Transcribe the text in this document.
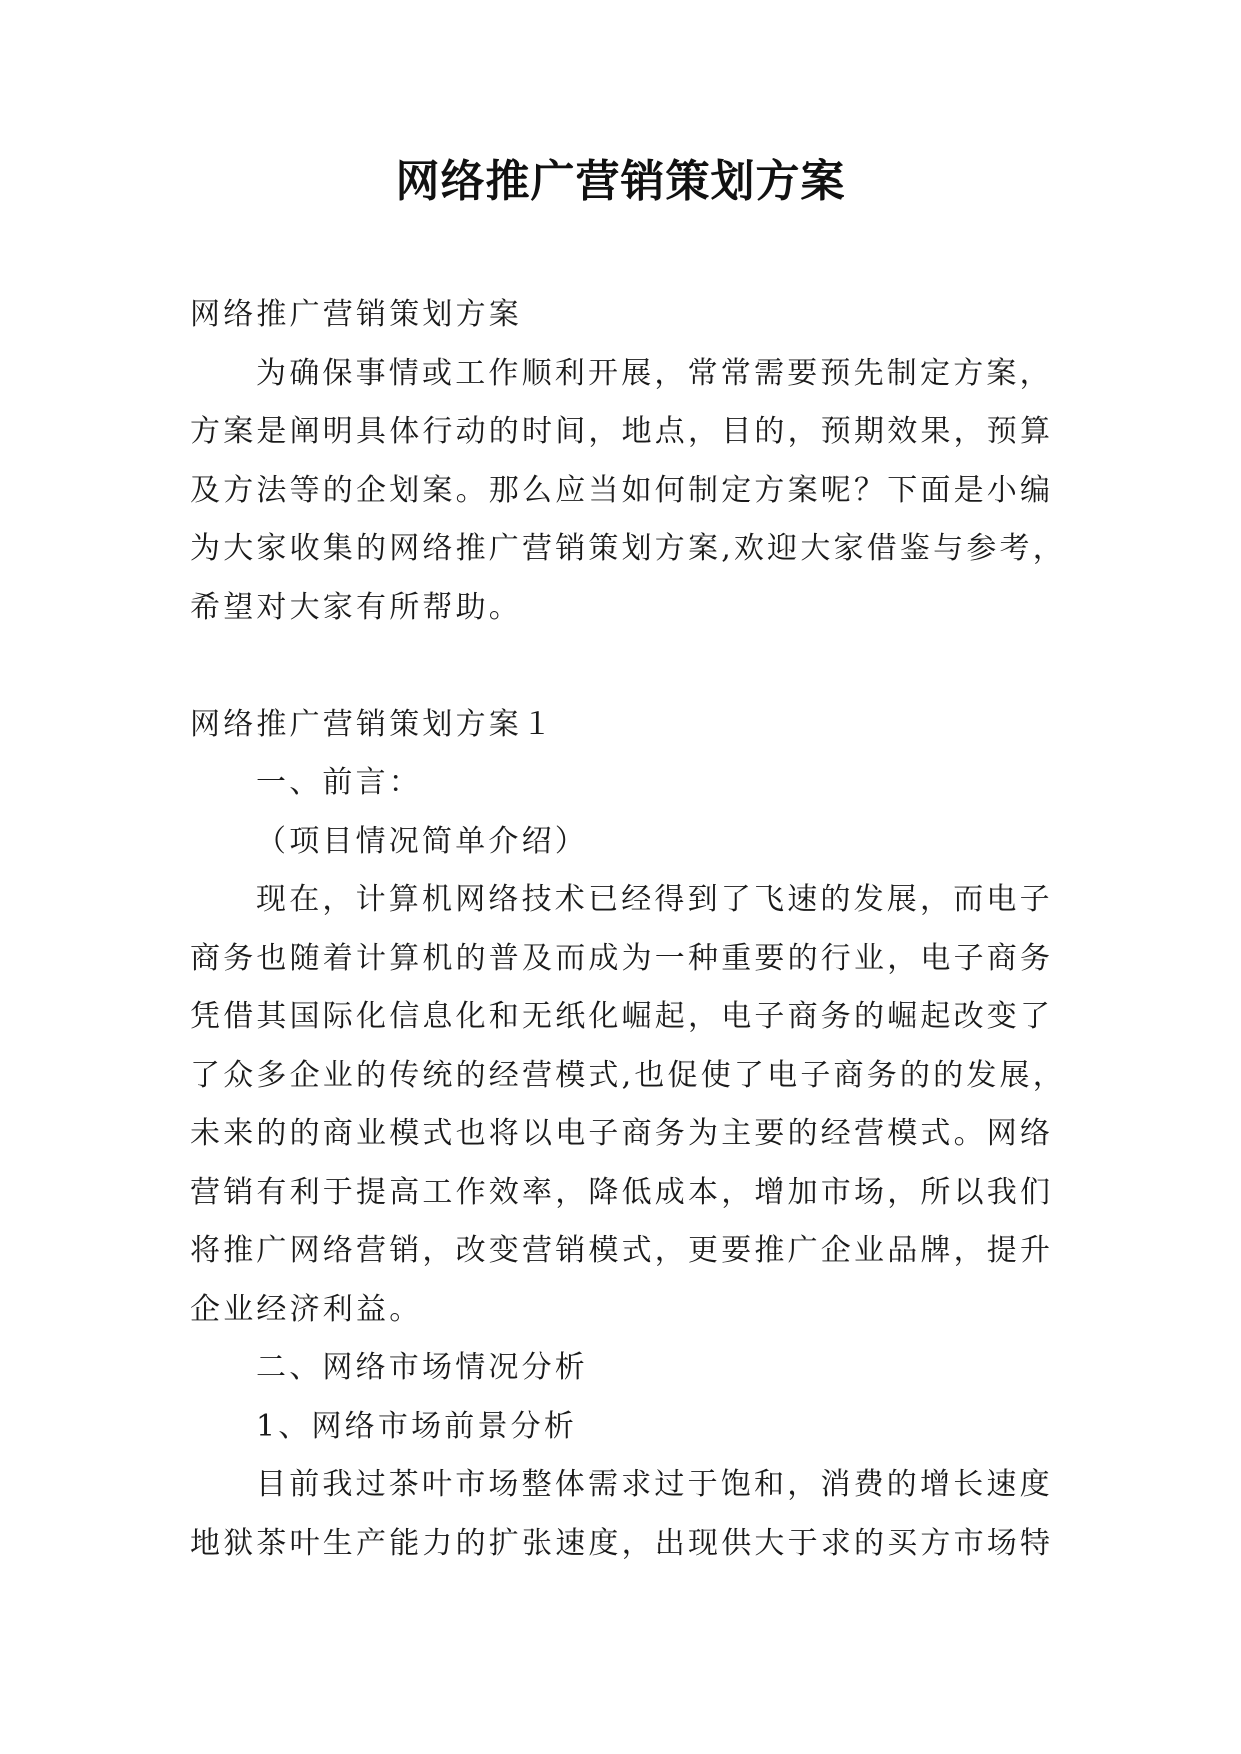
网络推广营销策划方案

网络推广营销策划方案

为确保事情或工作顺利开展，常常需要预先制定方案，

方案是阐明具体行动的时间，地点，目的，预期效果，预算

及方法等的企划案。那么应当如何制定方案呢？下面是小编

为大家收集的网络推广营销策划方案,欢迎大家借鉴与参考，

希望对大家有所帮助。

网络推广营销策划方案１

一、前言：

（项目情况简单介绍）

现在，计算机网络技术已经得到了飞速的发展，而电子

商务也随着计算机的普及而成为一种重要的行业，电子商务

凭借其国际化信息化和无纸化崛起，电子商务的崛起改变了

了众多企业的传统的经营模式,也促使了电子商务的的发展，

未来的的商业模式也将以电子商务为主要的经营模式。网络

营销有利于提高工作效率，降低成本，增加市场，所以我们

将推广网络营销，改变营销模式，更要推广企业品牌，提升

企业经济利益。

二、网络市场情况分析

1、网络市场前景分析

目前我过茶叶市场整体需求过于饱和，消费的增长速度

地狱茶叶生产能力的扩张速度，出现供大于求的买方市场特
